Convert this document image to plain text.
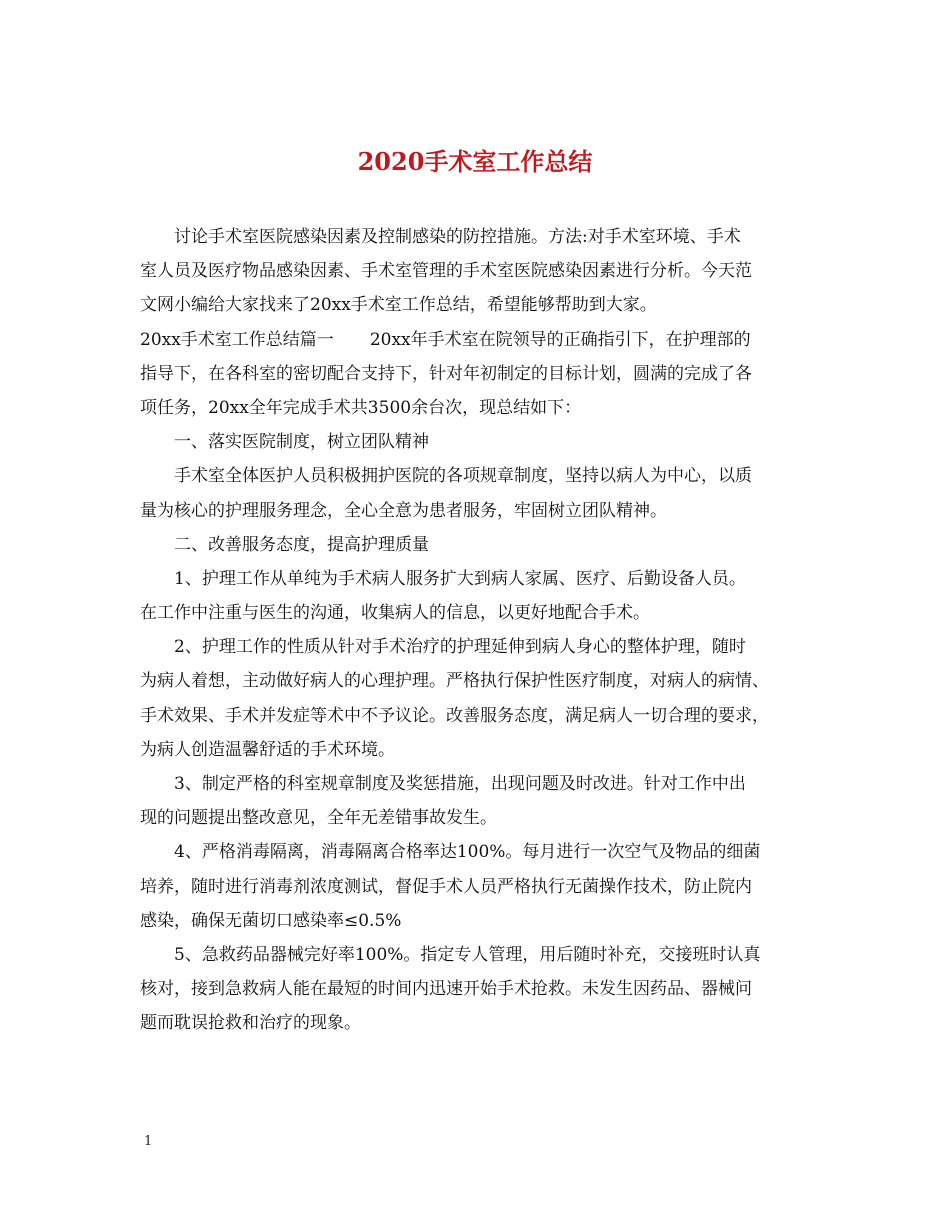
2020手术室工作总结
讨论手术室医院感染因素及控制感染的防控措施。方法:对手术室环境、手术
室人员及医疗物品感染因素、手术室管理的手术室医院感染因素进行分析。今天范
文网小编给大家找来了20xx手术室工作总结，希望能够帮助到大家。
20xx手术室工作总结篇一 20xx年手术室在院领导的正确指引下，在护理部的
指导下，在各科室的密切配合支持下，针对年初制定的目标计划，圆满的完成了各
项任务，20xx全年完成手术共3500余台次，现总结如下：
一、落实医院制度，树立团队精神
手术室全体医护人员积极拥护医院的各项规章制度，坚持以病人为中心，以质
量为核心的护理服务理念，全心全意为患者服务，牢固树立团队精神。
二、改善服务态度，提高护理质量
1、护理工作从单纯为手术病人服务扩大到病人家属、医疗、后勤设备人员。
在工作中注重与医生的沟通，收集病人的信息，以更好地配合手术。
2、护理工作的性质从针对手术治疗的护理延伸到病人身心的整体护理，随时
为病人着想，主动做好病人的心理护理。严格执行保护性医疗制度，对病人的病情、
手术效果、手术并发症等术中不予议论。改善服务态度，满足病人一切合理的要求，
为病人创造温馨舒适的手术环境。
3、制定严格的科室规章制度及奖惩措施，出现问题及时改进。针对工作中出
现的问题提出整改意见，全年无差错事故发生。
4、严格消毒隔离，消毒隔离合格率达100%。每月进行一次空气及物品的细菌
培养，随时进行消毒剂浓度测试，督促手术人员严格执行无菌操作技术，防止院内
感染，确保无菌切口感染率≤0.5%
5、急救药品器械完好率100%。指定专人管理，用后随时补充，交接班时认真
核对，接到急救病人能在最短的时间内迅速开始手术抢救。未发生因药品、器械问
题而耽误抢救和治疗的现象。
1
